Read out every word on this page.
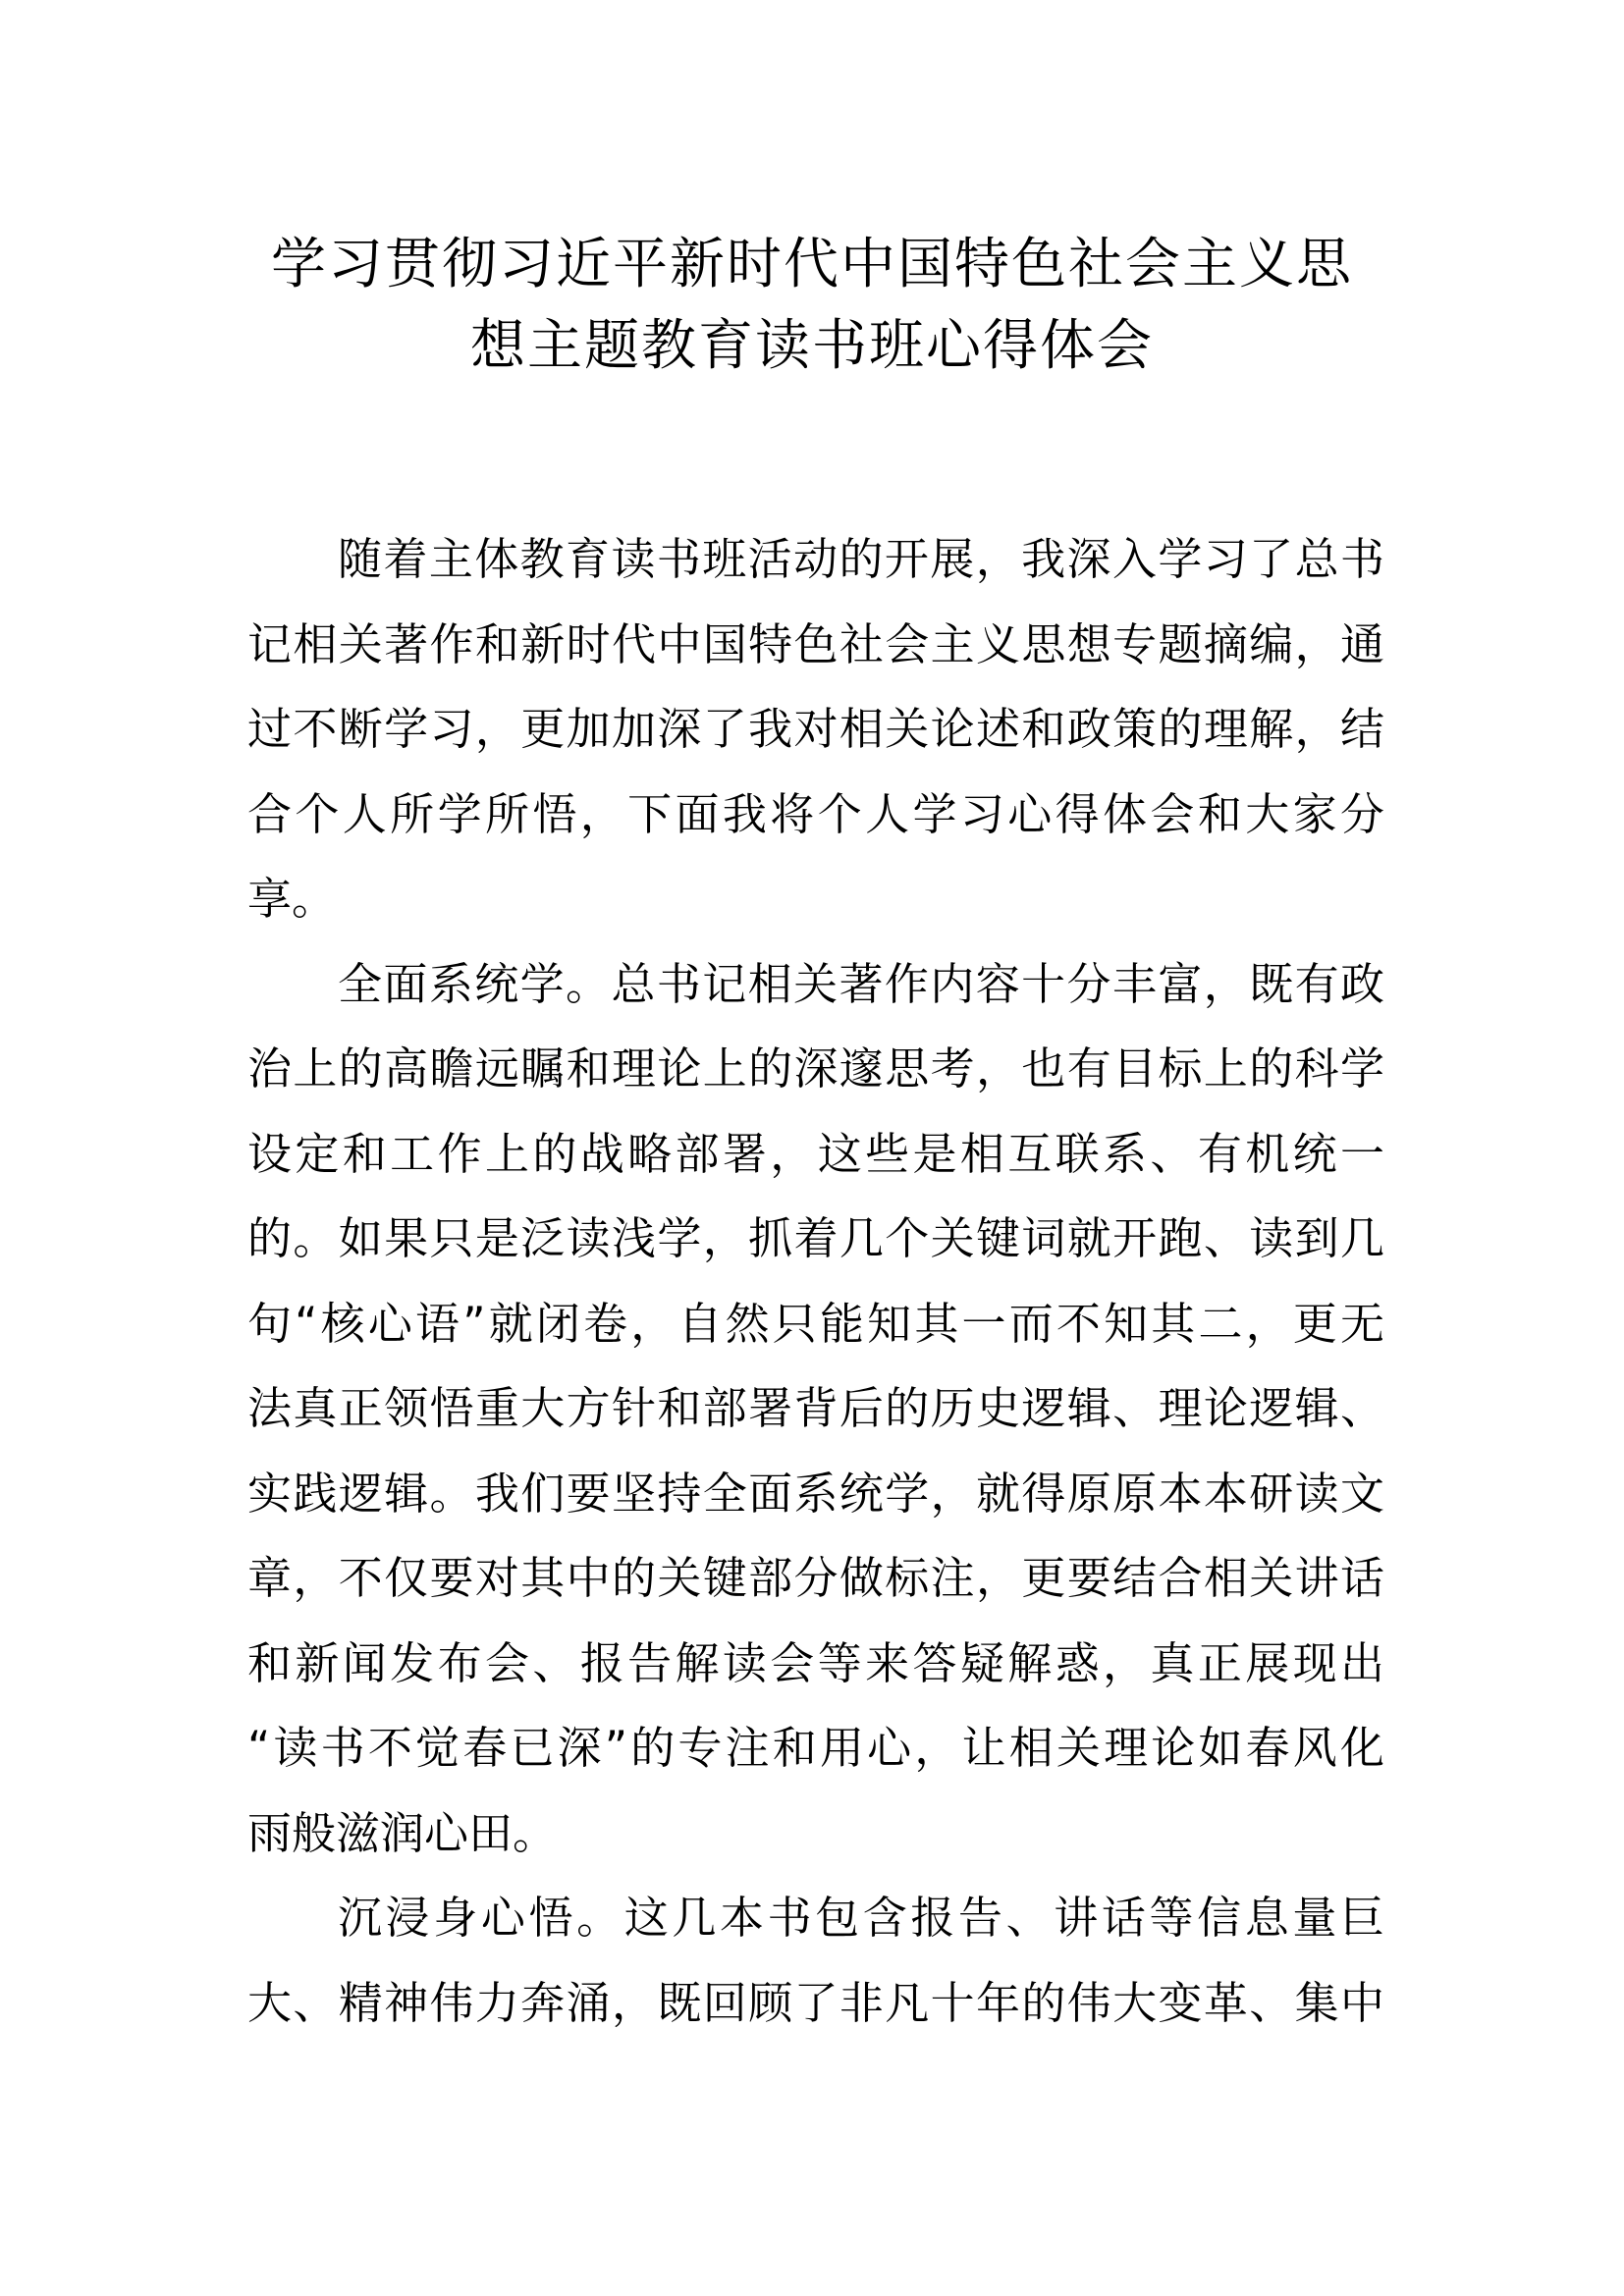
学习贯彻习近平新时代中国特色社会主义思
想主题教育读书班心得体会
随着主体教育读书班活动的开展，我深入学习了总书
记相关著作和新时代中国特色社会主义思想专题摘编，通
过不断学习，更加加深了我对相关论述和政策的理解，结
合个人所学所悟，下面我将个人学习心得体会和大家分
享。
全面系统学。总书记相关著作内容十分丰富，既有政
治上的高瞻远瞩和理论上的深邃思考，也有目标上的科学
设定和工作上的战略部署，这些是相互联系、有机统一
的。如果只是泛读浅学，抓着几个关键词就开跑、读到几
句“核心语”就闭卷，自然只能知其一而不知其二，更无
法真正领悟重大方针和部署背后的历史逻辑、理论逻辑、
实践逻辑。我们要坚持全面系统学，就得原原本本研读文
章，不仅要对其中的关键部分做标注，更要结合相关讲话
和新闻发布会、报告解读会等来答疑解惑，真正展现出
“读书不觉春已深”的专注和用心，让相关理论如春风化
雨般滋润心田。
沉浸身心悟。这几本书包含报告、讲话等信息量巨
大、精神伟力奔涌，既回顾了非凡十年的伟大变革、集中
